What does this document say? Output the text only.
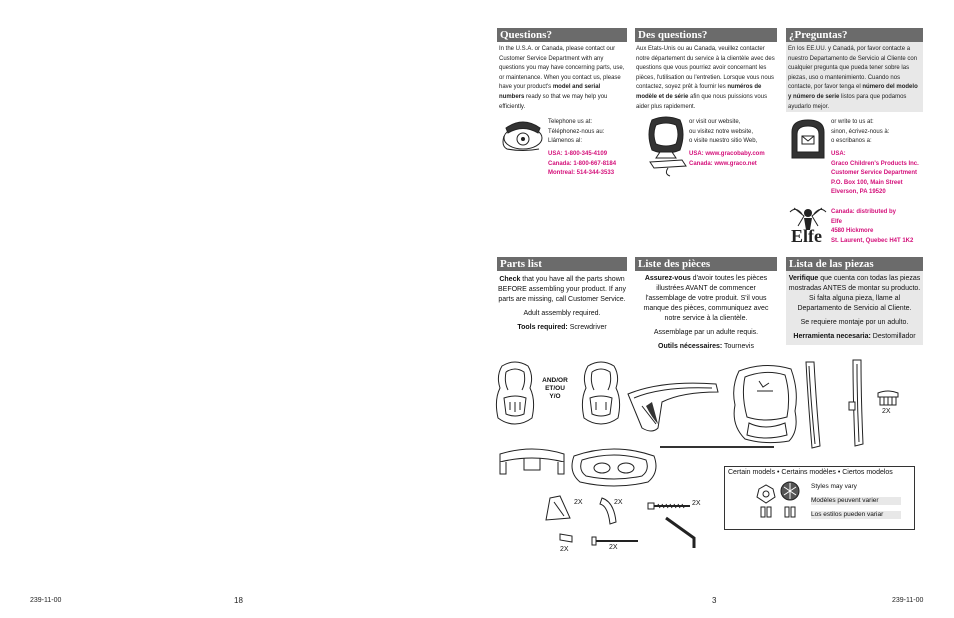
Questions?	Des questions?	¿Preguntas?
In the U.S.A. or Canada, please contact our Customer Service Department with any questions you may have concerning parts, use, or maintenance. When you contact us, please have your product's model and serial numbers ready so that we may help you efficiently.
Aux Etats-Unis ou au Canada, veuillez contacter notre département du service à la clientèle avec des questions que vous pourriez avoir concernant les pièces, l'utilisation ou l'entretien. Lorsque vous nous contactez, soyez prêt à fournir les numéros de modèle et de série afin que nous puissions vous aider plus rapidement.
En los EE.UU. y Canadá, por favor contacte a nuestro Departamento de Servicio al Cliente con cualquier pregunta que pueda tener sobre las piezas, uso o mantenimiento. Cuando nos contacte, por favor tenga el número del modelo y número de serie listos para que podamos ayudarlo mejor.
Telephone us at:
Téléphonez-nous au:
Llámenos al:
USA: 1-800-345-4109
Canada: 1-800-667-8184
Montreal: 514-344-3533
or visit our website,
ou visitez notre website,
o visite nuestro sitio Web,
USA: www.gracobaby.com
Canada: www.graco.net
or write to us at:
sinon, écrivez-nous à:
o escribanos a:
USA:
Graco Children's Products Inc.
Customer Service Department
P.O. Box 100, Main Street
Elverson, PA 19520
Elfe
Canada: distributed by
Elfe
4580 Hickmore
St. Laurent, Quebec H4T 1K2
Parts list	Liste des pièces	Lista de las piezas

Check that you have all the parts shown BEFORE assembling your product. If any parts are missing, call Customer Service.

Adult assembly required.

Tools required: Screwdriver

Assurez-vous d'avoir toutes les pièces illustrées AVANT de commencer l'assemblage de votre produit. S'il vous manque des pièces, communiquez avec notre service à la clientèle.

Assemblage par un adulte requis.

Outils nécessaires: Tournevis

Verifique que cuenta con todas las piezas mostradas ANTES de montar su producto. Si falta alguna pieza, llame al Departamento de Servicio al Cliente.

Se requiere montaje por un adulto.

Herramienta necesaria: Destomillador

AND/OR
ET/OU
Y/O
2X
Certain models • Certains modèles • Ciertos modelos
Styles may vary
Modèles peuvent varier
Los estilos pueden variar
2X	2X	2X
2X	2X
239-11-00	18	3	239-11-00
